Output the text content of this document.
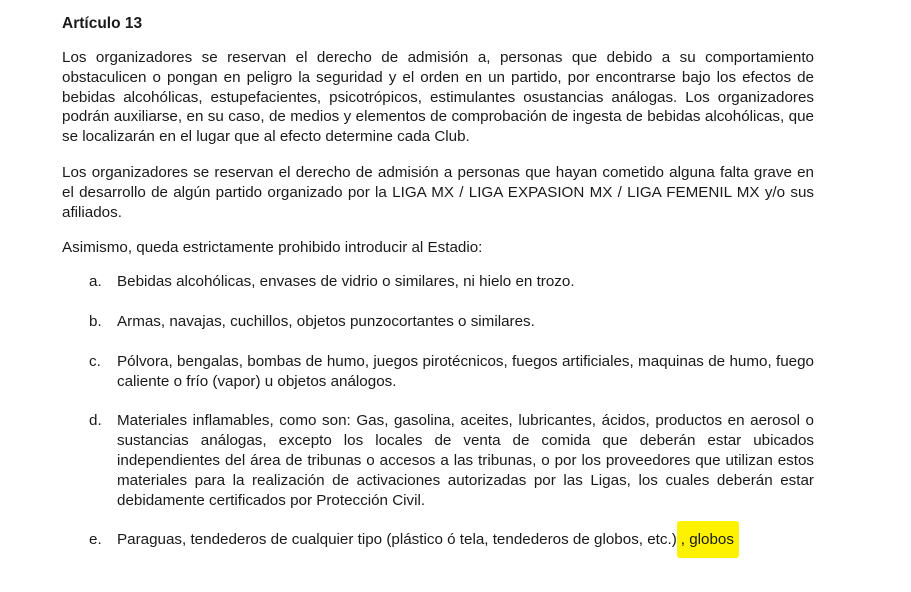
Artículo 13

Los organizadores se reservan el derecho de admisión a, personas que debido a su comportamiento obstaculicen o pongan en peligro la seguridad y el orden en un partido, por encontrarse bajo los efectos de bebidas alcohólicas, estupefacientes, psicotrópicos, estimulantes osustancias análogas. Los organizadores podrán auxiliarse, en su caso, de medios y elementos de comprobación de ingesta de bebidas alcohólicas, que se localizarán en el lugar que al efecto determine cada Club.

Los organizadores se reservan el derecho de admisión a personas que hayan cometido alguna falta grave en el desarrollo de algún partido organizado por la LIGA MX / LIGA EXPASION MX / LIGA FEMENIL MX y/o sus afiliados.

Asimismo, queda estrictamente prohibido introducir al Estadio:

a. Bebidas alcohólicas, envases de vidrio o similares, ni hielo en trozo.
b. Armas, navajas, cuchillos, objetos punzocortantes o similares.
c. Pólvora, bengalas, bombas de humo, juegos pirotécnicos, fuegos artificiales, maquinas de humo, fuego caliente o frío (vapor) u objetos análogos.
d. Materiales inflamables, como son: Gas, gasolina, aceites, lubricantes, ácidos, productos en aerosol o sustancias análogas, excepto los locales de venta de comida que deberán estar ubicados independientes del área de tribunas o accesos a las tribunas, o por los proveedores que utilizan estos materiales para la realización de activaciones autorizadas por las Ligas, los cuales deberán estar debidamente certificados por Protección Civil.
e. Paraguas, tendederos de cualquier tipo (plástico ó tela, tendederos de globos, etc.) , globos
